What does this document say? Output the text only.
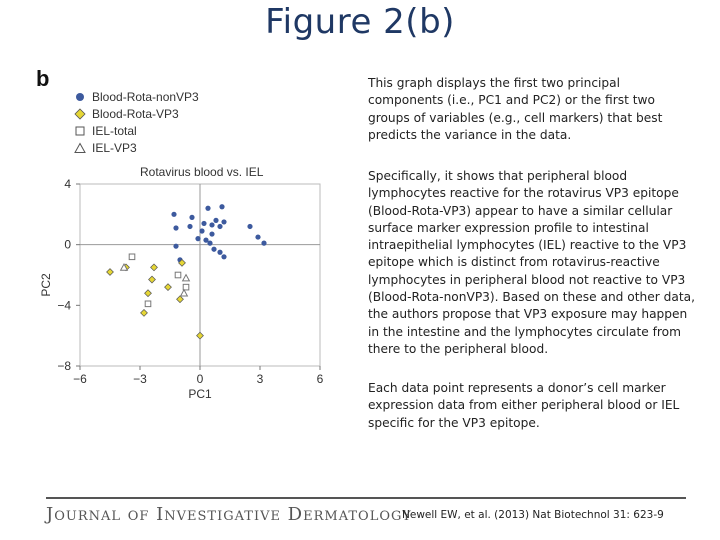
Figure 2(b)
b
Blood-Rota-nonVP3
Blood-Rota-VP3
IEL-total
IEL-VP3
Rotavirus blood vs. IEL
−6	−3	0	3	6
4
0
−4
−8
PC1
PC2
This graph displays the first two principal components (i.e., PC1 and PC2) or the first two groups of variables (e.g., cell markers) that best predicts the variance in the data.
Specifically, it shows that peripheral blood lymphocytes reactive for the rotavirus VP3 epitope (Blood-Rota-VP3) appear to have a similar cellular surface marker expression profile to intestinal intraepithelial lymphocytes (IEL) reactive to the VP3 epitope which is distinct from rotavirus-reactive lymphocytes in peripheral blood not reactive to VP3 (Blood-Rota-nonVP3). Based on these and other data, the authors propose that VP3 exposure may happen in the intestine and the lymphocytes circulate from there to the peripheral blood.
Each data point represents a donor’s cell marker expression data from either peripheral blood or IEL specific for the VP3 epitope.
Journal of Investigative Dermatology
Newell EW, et al. (2013) Nat Biotechnol 31: 623-9
